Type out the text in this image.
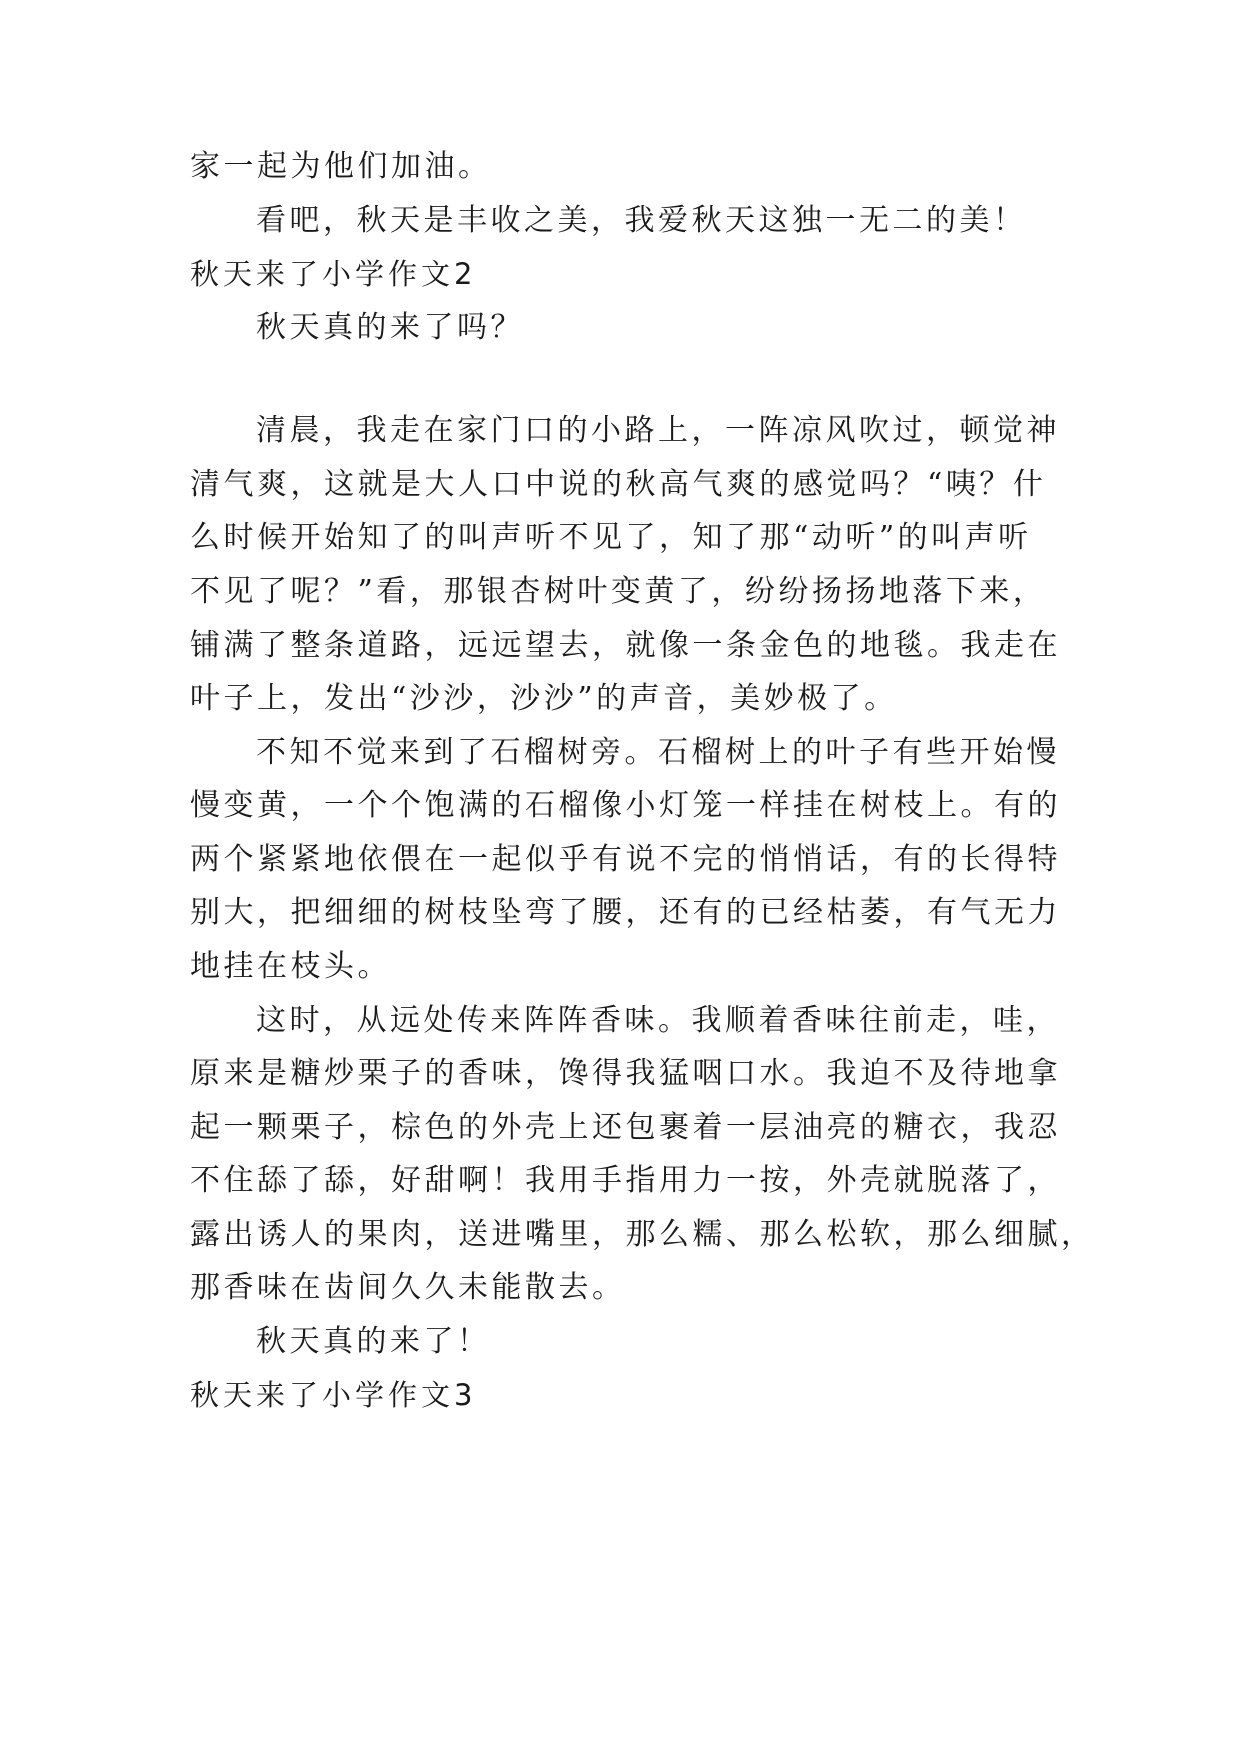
家一起为他们加油。

看吧，秋天是丰收之美，我爱秋天这独一无二的美！

秋天来了小学作文2

秋天真的来了吗？

清晨，我走在家门口的小路上，一阵凉风吹过，顿觉神

清气爽，这就是大人口中说的秋高气爽的感觉吗？“咦？什

么时候开始知了的叫声听不见了，知了那“动听”的叫声听

不见了呢？”看，那银杏树叶变黄了，纷纷扬扬地落下来，

铺满了整条道路，远远望去，就像一条金色的地毯。我走在

叶子上，发出“沙沙，沙沙”的声音，美妙极了。

不知不觉来到了石榴树旁。石榴树上的叶子有些开始慢

慢变黄，一个个饱满的石榴像小灯笼一样挂在树枝上。有的

两个紧紧地依偎在一起似乎有说不完的悄悄话，有的长得特

别大，把细细的树枝坠弯了腰，还有的已经枯萎，有气无力

地挂在枝头。

这时，从远处传来阵阵香味。我顺着香味往前走，哇，

原来是糖炒栗子的香味，馋得我猛咽口水。我迫不及待地拿

起一颗栗子，棕色的外壳上还包裹着一层油亮的糖衣，我忍

不住舔了舔，好甜啊！我用手指用力一按，外壳就脱落了，

露出诱人的果肉，送进嘴里，那么糯、那么松软，那么细腻，

那香味在齿间久久未能散去。

秋天真的来了！

秋天来了小学作文3
